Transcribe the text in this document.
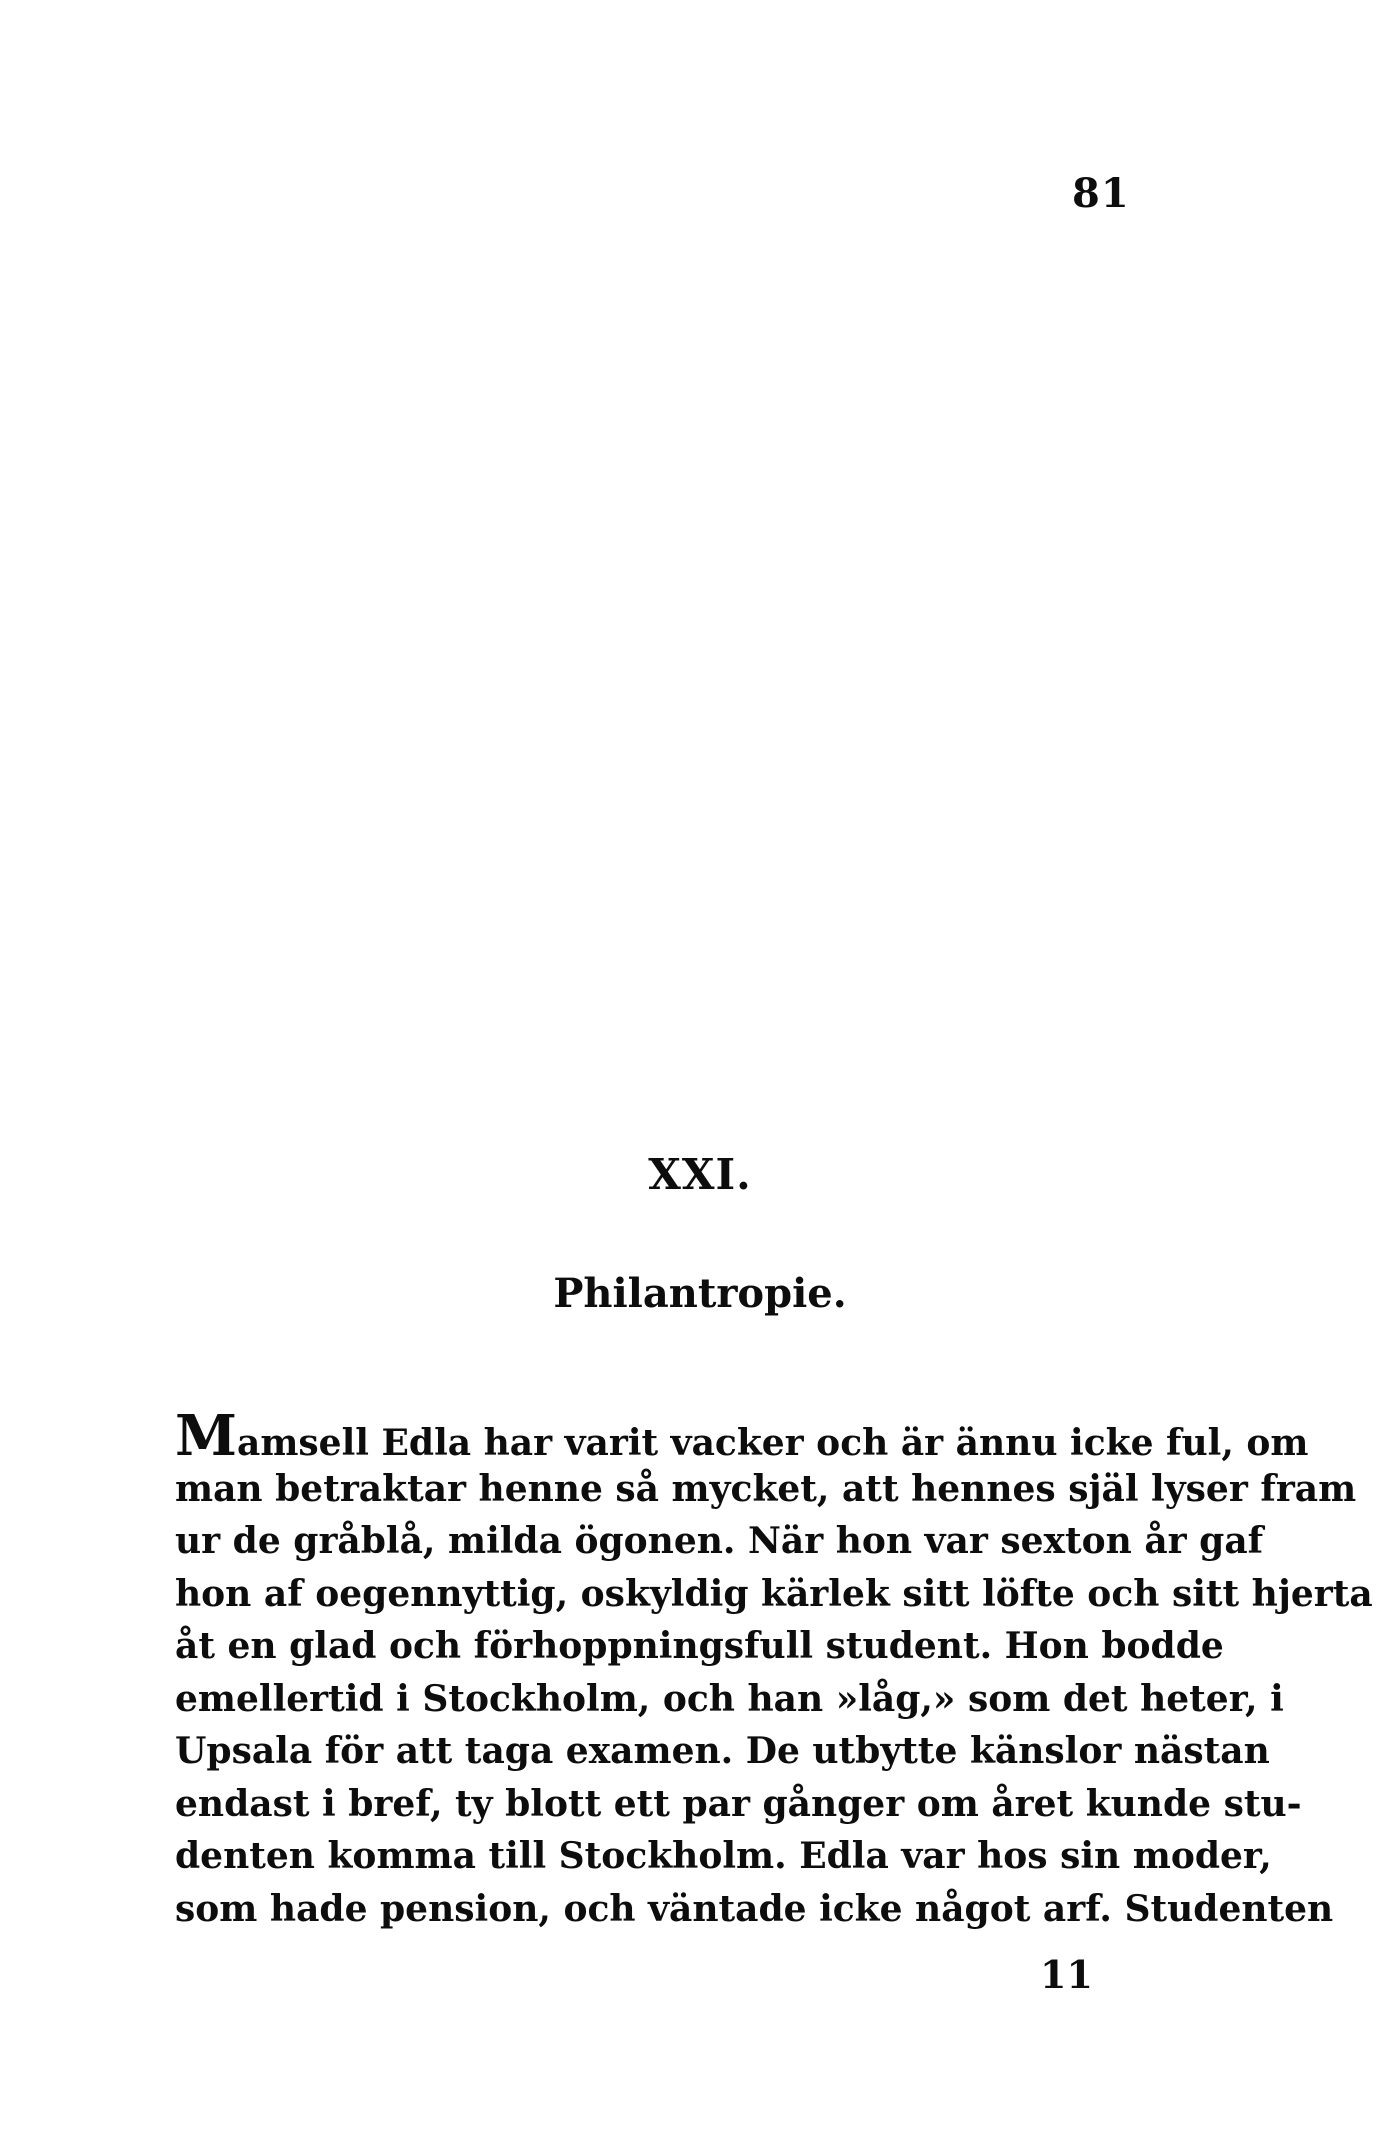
81
XXI.
Philantropie.
Mamsell Edla har varit vacker och är ännu icke ful, om
man betraktar henne så mycket, att hennes själ lyser fram
ur de gråblå, milda ögonen. När hon var sexton år gaf
hon af oegennyttig, oskyldig kärlek sitt löfte och sitt hjerta
åt en glad och förhoppningsfull student. Hon bodde
emellertid i Stockholm, och han »låg,» som det heter, i
Upsala för att taga examen. De utbytte känslor nästan
endast i bref, ty blott ett par gånger om året kunde stu-
denten komma till Stockholm. Edla var hos sin moder,
som hade pension, och väntade icke något arf. Studenten
11
